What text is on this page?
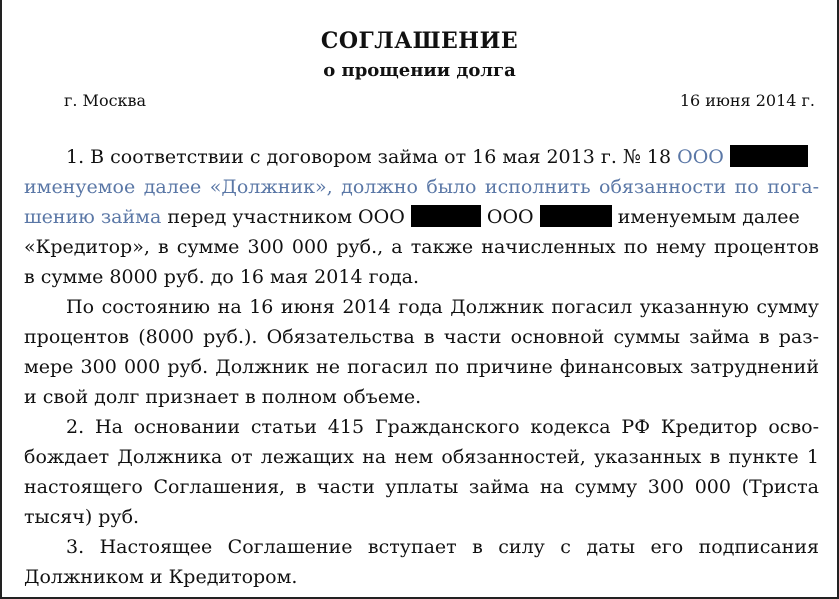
СОГЛАШЕНИЕ
о прощении долга
г. Москва	16 июня 2014 г.
1. В соответствии с договором займа от 16 мая 2013 г. № 18 ООО
именуемое далее «Должник», должно было исполнить обязанности по пога-
шению займа перед участником ООО	ООО	именуемым далее
«Кредитор», в сумме 300 000 руб., а также начисленных по нему процентов
в сумме 8000 руб. до 16 мая 2014 года.
По состоянию на 16 июня 2014 года Должник погасил указанную сумму
процентов (8000 руб.). Обязательства в части основной суммы займа в раз-
мере 300 000 руб. Должник не погасил по причине финансовых затруднений
и свой долг признает в полном объеме.
2. На основании статьи 415 Гражданского кодекса РФ Кредитор осво-
бождает Должника от лежащих на нем обязанностей, указанных в пункте 1
настоящего Соглашения, в части уплаты займа на сумму 300 000 (Триста
тысяч) руб.
3. Настоящее Соглашение вступает в силу с даты его подписания
Должником и Кредитором.
